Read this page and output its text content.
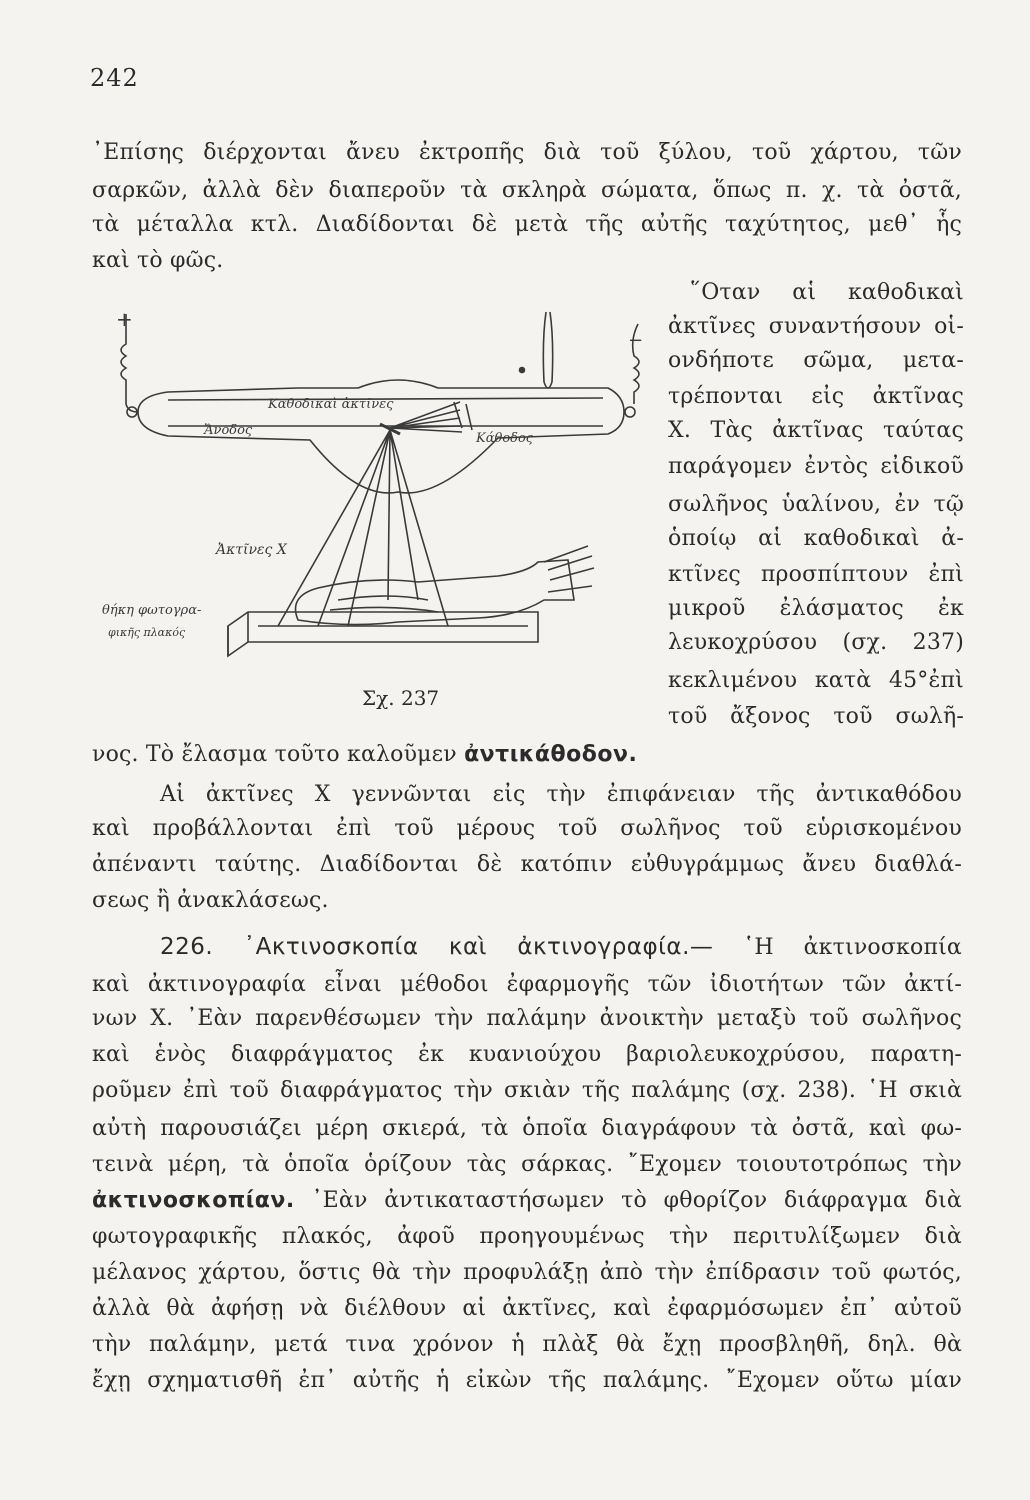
242
᾿Επίσης διέρχονται ἄνευ ἐκτροπῆς διὰ τοῦ ξύλου, τοῦ χάρτου, τῶν
σαρκῶν, ἀλλὰ δὲν διαπεροῦν τὰ σκληρὰ σώματα, ὅπως π. χ. τὰ ὀστᾶ,
τὰ μέταλλα κτλ. Διαδίδονται δὲ μετὰ τῆς αὐτῆς ταχύτητος, μεθ᾿ ἧς
καὶ τὸ φῶς.
῞Οταν αἱ καθοδικαὶ
ἀκτῖνες συναντήσουν οἱ-
ονδήποτε σῶμα, μετα-
τρέπονται εἰς ἀκτῖνας
Χ. Τὰς ἀκτῖνας ταύτας
παράγομεν ἐντὸς εἰδικοῦ
σωλῆνος ὑαλίνου, ἐν τῷ
ὁποίῳ αἱ καθοδικαὶ ἀ-
κτῖνες προσπίπτουν ἐπὶ
μικροῦ ἐλάσματος ἐκ
λευκοχρύσου (σχ. 237)
κεκλιμένου κατὰ 45°ἐπὶ
τοῦ ἄξονος τοῦ σωλῆ-
+
−
Καθοδικαὶ ἀκτῖνες
Ἄνοδος
Κάθοδος
Ἀκτῖνες Χ
θήκη φωτογρα-
φικῆς πλακός
Σχ. 237
νος. Τὸ ἔλασμα τοῦτο καλοῦμεν ἀντικάθοδον.
Αἱ ἀκτῖνες Χ γεννῶνται εἰς τὴν ἐπιφάνειαν τῆς ἀντικαθόδου
καὶ προβάλλονται ἐπὶ τοῦ μέρους τοῦ σωλῆνος τοῦ εὑρισκομένου
ἀπέναντι ταύτης. Διαδίδονται δὲ κατόπιν εὐθυγράμμως ἄνευ διαθλά-
σεως ἢ ἀνακλάσεως.
226. ᾿Ακτινοσκοπία καὶ ἀκτινογραφία.— ῾Η ἀκτινοσκοπία
καὶ ἀκτινογραφία εἶναι μέθοδοι ἐφαρμογῆς τῶν ἰδιοτήτων τῶν ἀκτί-
νων Χ. ᾿Εὰν παρενθέσωμεν τὴν παλάμην ἀνοικτὴν μεταξὺ τοῦ σωλῆνος
καὶ ἑνὸς διαφράγματος ἐκ κυανιούχου βαριολευκοχρύσου, παρατη-
ροῦμεν ἐπὶ τοῦ διαφράγματος τὴν σκιὰν τῆς παλάμης (σχ. 238). ῾Η σκιὰ
αὐτὴ παρουσιάζει μέρη σκιερά, τὰ ὁποῖα διαγράφουν τὰ ὀστᾶ, καὶ φω-
τεινὰ μέρη, τὰ ὁποῖα ὁρίζουν τὰς σάρκας. ῎Εχομεν τοιουτοτρόπως τὴν
ἀκτινοσκοπίαν. ᾿Εὰν ἀντικαταστήσωμεν τὸ φθορίζον διάφραγμα διὰ
φωτογραφικῆς πλακός, ἀφοῦ προηγουμένως τὴν περιτυλίξωμεν διὰ
μέλανος χάρτου, ὅστις θὰ τὴν προφυλάξῃ ἀπὸ τὴν ἐπίδρασιν τοῦ φωτός,
ἀλλὰ θὰ ἀφήσῃ νὰ διέλθουν αἱ ἀκτῖνες, καὶ ἐφαρμόσωμεν ἐπ᾿ αὐτοῦ
τὴν παλάμην, μετά τινα χρόνον ἡ πλὰξ θὰ ἔχῃ προσβληθῆ, δηλ. θὰ
ἔχῃ σχηματισθῆ ἐπ᾿ αὐτῆς ἡ εἰκὼν τῆς παλάμης. ῎Εχομεν οὕτω μίαν
